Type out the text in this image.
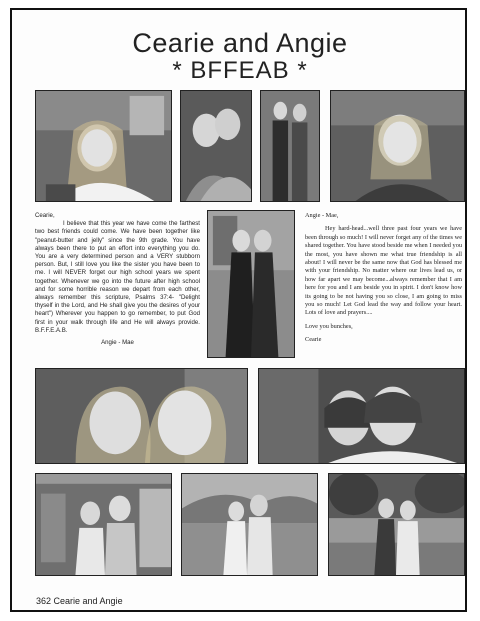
Cearie and Angie
* BFFEAB *

Cearie,

I believe that this year we have come the farthest two best friends could come. We have been together like "peanut-butter and jelly" since the 9th grade. You have always been there to put an effort into everything you do. You are a very determined person and a VERY stubborn person. But, I still love you like the sister you have been to me. I will NEVER forget our high school years we spent together. Whenever we go into the future after high school and for some horrible reason we depart from each other, always remember this scripture, Psalms 37:4- "Delight thyself in the Lord, and He shall give you the desires of your heart") Wherever you happen to go remember, to put God first in your walk through life and He will always provide. B.F.F.E.A.B.

Angie - Mae

Angie - Mae,

Hey hard-head...well three past four years we have been through so much! I will never forget any of the times we shared together. You have stood beside me when I needed you the most, you have shown me what true friendship is all about! I will never be the same now that God has blessed me with your friendship. No matter where our lives lead us, or how far apart we may become...always remember that I am here for you and I am beside you in spirit. I don't know how its going to be not having you so close, I am going to miss you so much! Let God lead the way and follow your heart. Lots of love and prayers....

Love you bunches,

Cearie

362 Cearie and Angie
